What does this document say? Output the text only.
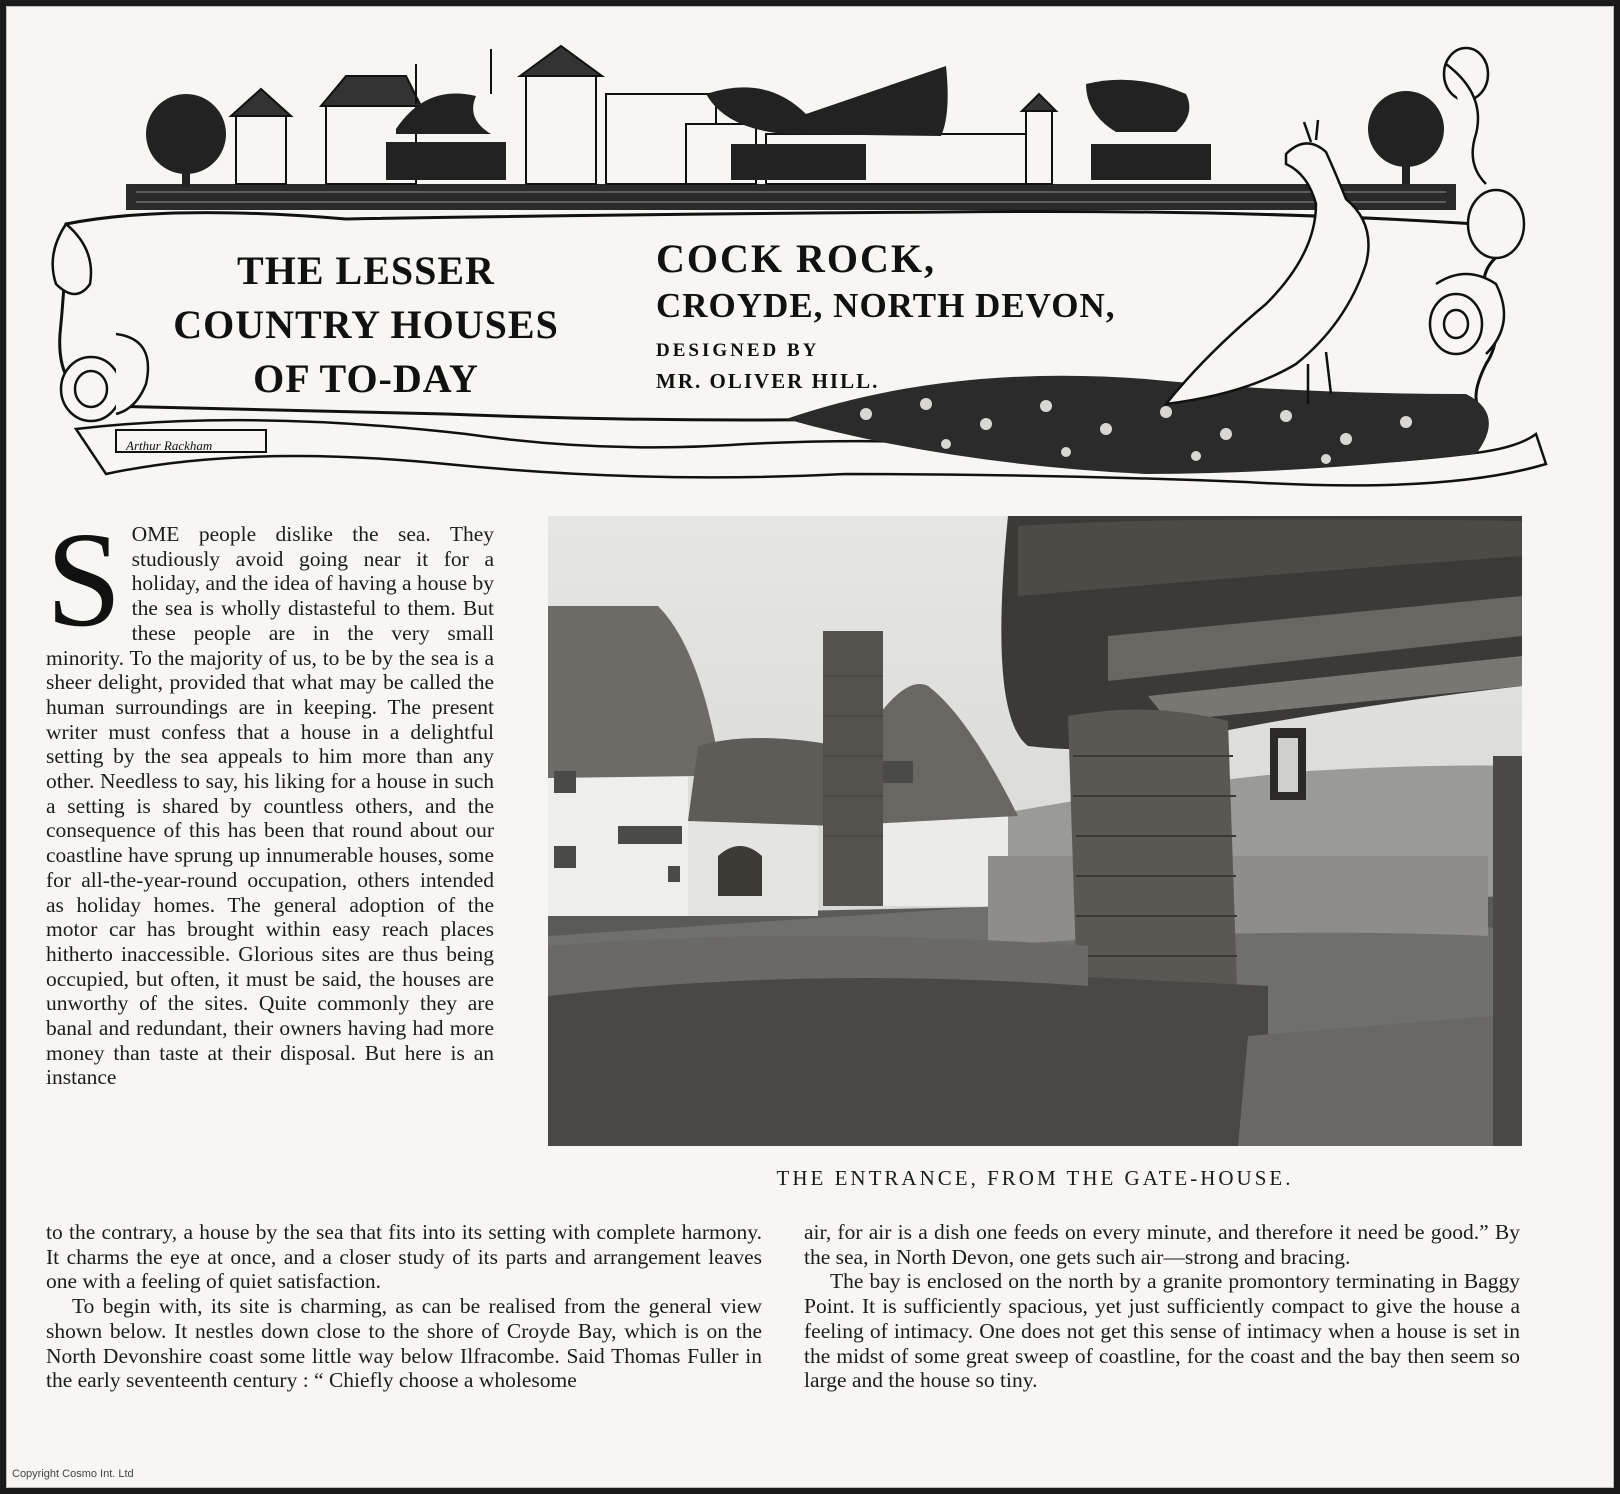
THE LESSER
COUNTRY HOUSES
OF TO-DAY
COCK ROCK,
CROYDE, NORTH DEVON,
DESIGNED BY
MR. OLIVER HILL.
Arthur Rackham
S OME people dislike the sea. They studiously avoid going near it for a holiday, and the idea of having a house by the sea is wholly distasteful to them. But these people are in the very small minority. To the majority of us, to be by the sea is a sheer delight, provided that what may be called the human surroundings are in keeping. The present writer must confess that a house in a delightful setting by the sea appeals to him more than any other. Needless to say, his liking for a house in such a setting is shared by countless others, and the consequence of this has been that round about our coastline have sprung up innumerable houses, some for all-the-year-round occupation, others intended as holiday homes. The general adoption of the motor car has brought within easy reach places hitherto inaccessible. Glorious sites are thus being occupied, but often, it must be said, the houses are unworthy of the sites. Quite commonly they are banal and redundant, their owners having had more money than taste at their disposal. But here is an instance

to the contrary, a house by the sea that fits into its setting with complete harmony. It charms the eye at once, and a closer study of its parts and arrangement leaves one with a feeling of quiet satisfaction.

To begin with, its site is charming, as can be realised from the general view shown below. It nestles down close to the shore of Croyde Bay, which is on the North Devonshire coast some little way below Ilfracombe. Said Thomas Fuller in the early seventeenth century : “ Chiefly choose a wholesome

air, for air is a dish one feeds on every minute, and therefore it need be good.” By the sea, in North Devon, one gets such air—strong and bracing.

The bay is enclosed on the north by a granite promontory terminating in Baggy Point. It is sufficiently spacious, yet just sufficiently compact to give the house a feeling of intimacy. One does not get this sense of intimacy when a house is set in the midst of some great sweep of coastline, for the coast and the bay then seem so large and the house so tiny.

THE ENTRANCE, FROM THE GATE-HOUSE.
Copyright Cosmo Int. Ltd
